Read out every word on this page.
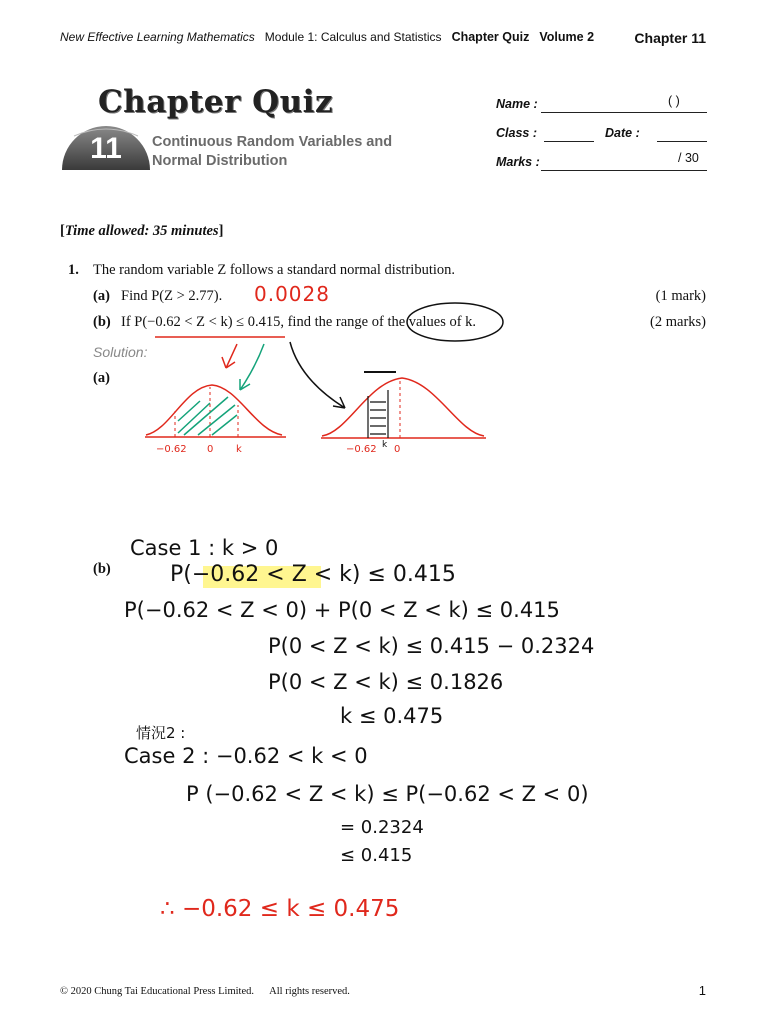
New Effective Learning Mathematics Module 1: Calculus and Statistics Chapter Quiz Volume 2	Chapter 11
11
Chapter Quiz
Continuous Random Variables and
Normal Distribution
Name :	( )
Class :	Date :
Marks :	/ 30
[Time allowed: 35 minutes]
1. The random variable Z follows a standard normal distribution.
(a) Find P(Z > 2.77).	(1 mark)
0.0028
(b) If P(−0.62 < Z < k) ≤ 0.415, find the range of the values of k.	(2 marks)
Solution:
(a)
−0.62 0 k	−0.62 k 0
(b)
Case 1 : k > 0
P(−0.62 < Z < k) ≤ 0.415
P(−0.62 < Z < 0) + P(0 < Z < k) ≤ 0.415
P(0 < Z < k) ≤ 0.415 − 0.2324
P(0 < Z < k) ≤ 0.1826
k ≤ 0.475
情況2 :
Case 2 : −0.62 < k < 0
P (−0.62 < Z < k) ≤ P(−0.62 < Z < 0)
= 0.2324
≤ 0.415
∴ −0.62 ≤ k ≤ 0.475
© 2020 Chung Tai Educational Press Limited. All rights reserved.	1
